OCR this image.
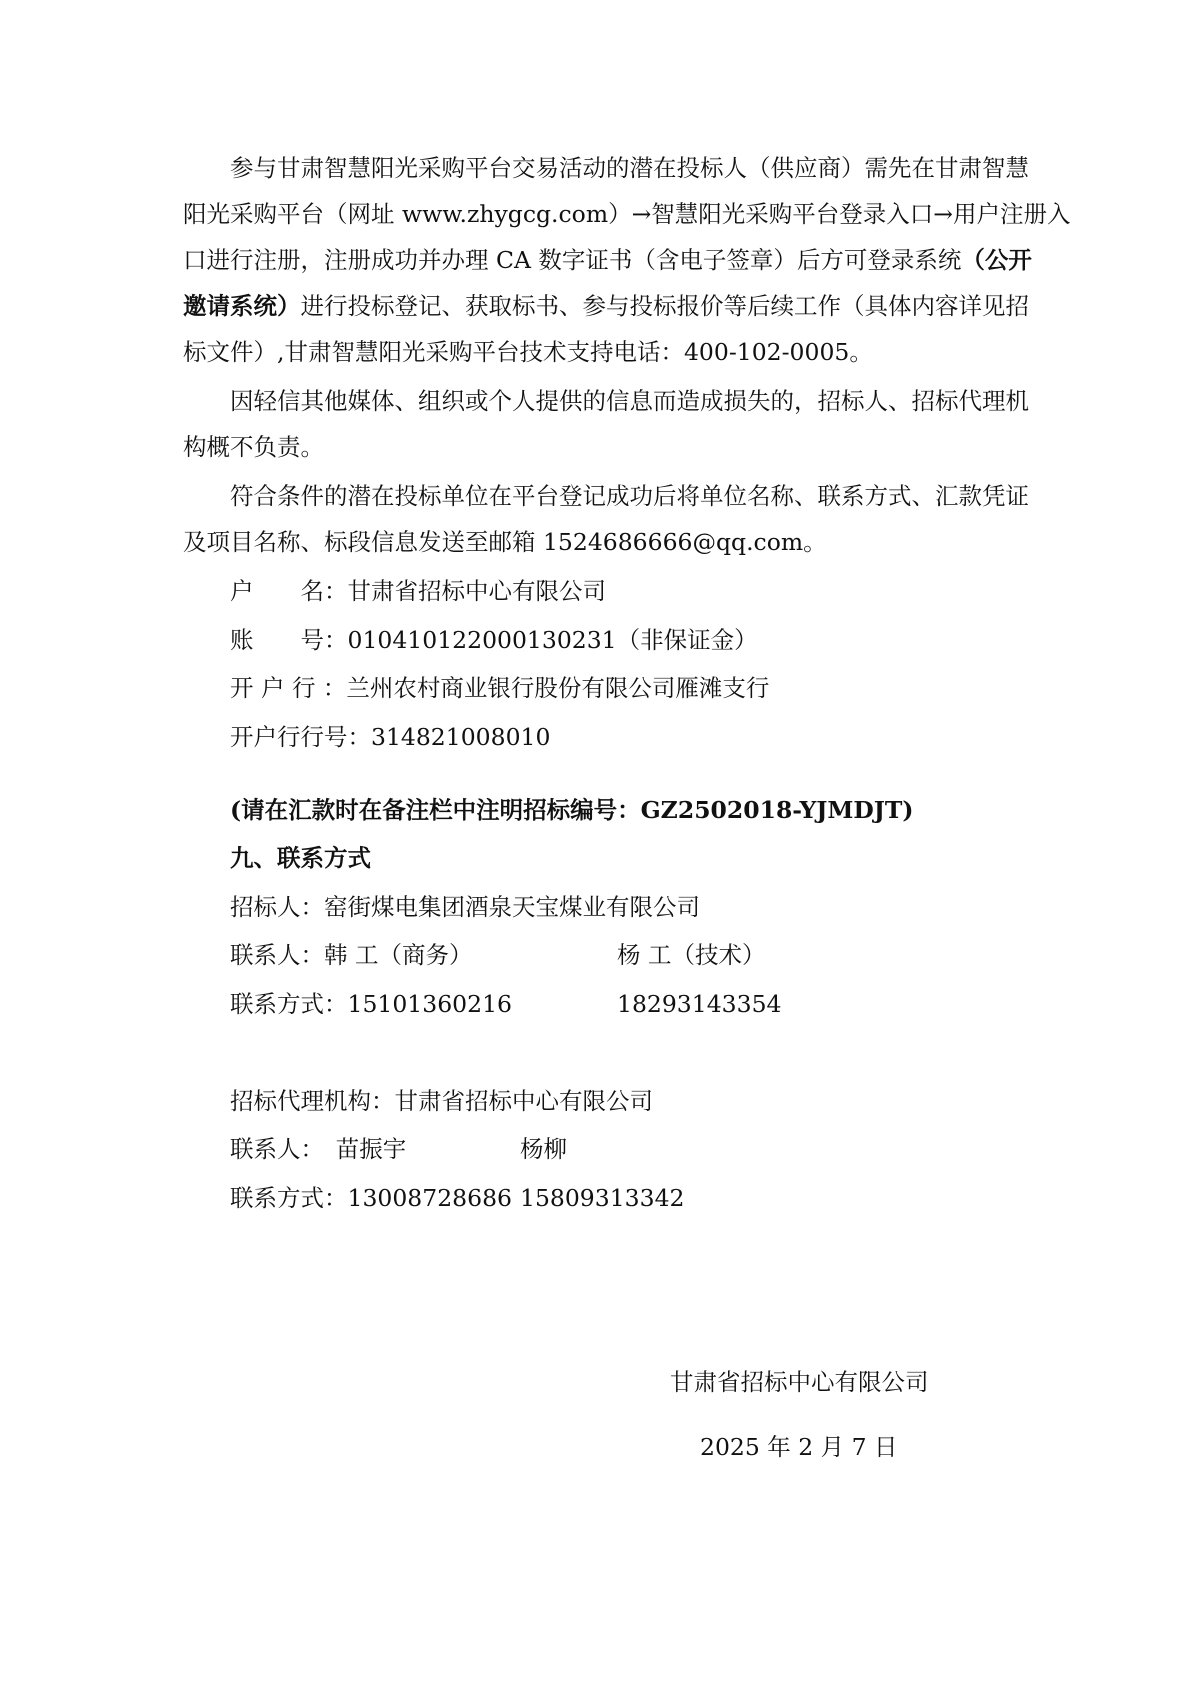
参与甘肃智慧阳光采购平台交易活动的潜在投标人（供应商）需先在甘肃智慧
阳光采购平台（网址 www.zhygcg.com）→智慧阳光采购平台登录入口→用户注册入
口进行注册，注册成功并办理 CA 数字证书（含电子签章）后方可登录系统（公开
邀请系统）进行投标登记、获取标书、参与投标报价等后续工作（具体内容详见招
标文件）,甘肃智慧阳光采购平台技术支持电话：400-102-0005。
因轻信其他媒体、组织或个人提供的信息而造成损失的，招标人、招标代理机
构概不负责。
符合条件的潜在投标单位在平台登记成功后将单位名称、联系方式、汇款凭证
及项目名称、标段信息发送至邮箱 1524686666@qq.com。
户　　名：甘肃省招标中心有限公司
账　　号：010410122000130231（非保证金）
开 户 行 ：兰州农村商业银行股份有限公司雁滩支行
开户行行号：314821008010
(请在汇款时在备注栏中注明招标编号：GZ2502018-YJMDJT)
九、联系方式
招标人：窑街煤电集团酒泉天宝煤业有限公司
联系人：韩 工（商务）	杨 工（技术）
联系方式：15101360216	18293143354
招标代理机构：甘肃省招标中心有限公司
联系人：　苗振宇	杨柳
联系方式：13008728686 15809313342
甘肃省招标中心有限公司
2025 年 2 月 7 日
